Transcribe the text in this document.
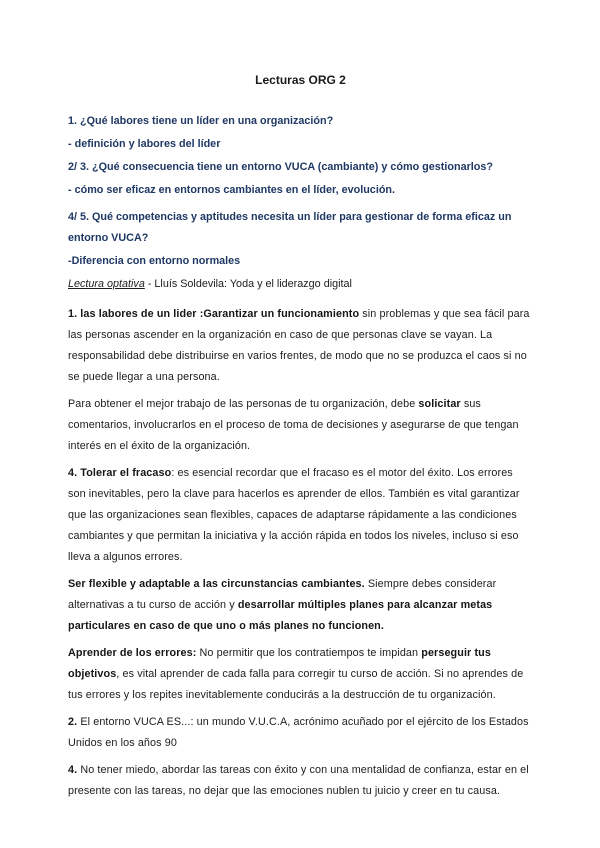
Lecturas ORG 2
1. ¿Qué labores tiene un líder en una organización?
- definición y labores del líder
2/ 3. ¿Qué consecuencia tiene un entorno VUCA (cambiante) y cómo gestionarlos?
- cómo ser eficaz en entornos cambiantes en el líder, evolución.
4/ 5. Qué competencias y aptitudes necesita un líder para gestionar de forma eficaz un entorno VUCA?
-Diferencia con entorno normales
Lectura optativa - Lluís Soldevila: Yoda y el liderazgo digital

1. las labores de un lider :Garantizar un funcionamiento sin problemas y que sea fácil para las personas ascender en la organización en caso de que personas clave se vayan. La responsabilidad debe distribuirse en varios frentes, de modo que no se produzca el caos si no se puede llegar a una persona.

Para obtener el mejor trabajo de las personas de tu organización, debe solicitar sus comentarios, involucrarlos en el proceso de toma de decisiones y asegurarse de que tengan interés en el éxito de la organización.

4. Tolerar el fracaso: es esencial recordar que el fracaso es el motor del éxito. Los errores son inevitables, pero la clave para hacerlos es aprender de ellos. También es vital garantizar que las organizaciones sean flexibles, capaces de adaptarse rápidamente a las condiciones cambiantes y que permitan la iniciativa y la acción rápida en todos los niveles, incluso si eso lleva a algunos errores.

Ser flexible y adaptable a las circunstancias cambiantes. Siempre debes considerar alternativas a tu curso de acción y desarrollar múltiples planes para alcanzar metas particulares en caso de que uno o más planes no funcionen.

Aprender de los errores: No permitir que los contratiempos te impidan perseguir tus objetivos, es vital aprender de cada falla para corregir tu curso de acción. Si no aprendes de tus errores y los repites inevitablemente conducirás a la destrucción de tu organización.

2. El entorno VUCA ES...: un mundo V.U.C.A, acrónimo acuñado por el ejército de los Estados Unidos en los años 90

4. No tener miedo, abordar las tareas con éxito y con una mentalidad de confianza, estar en el presente con las tareas, no dejar que las emociones nublen tu juicio y creer en tu causa.
